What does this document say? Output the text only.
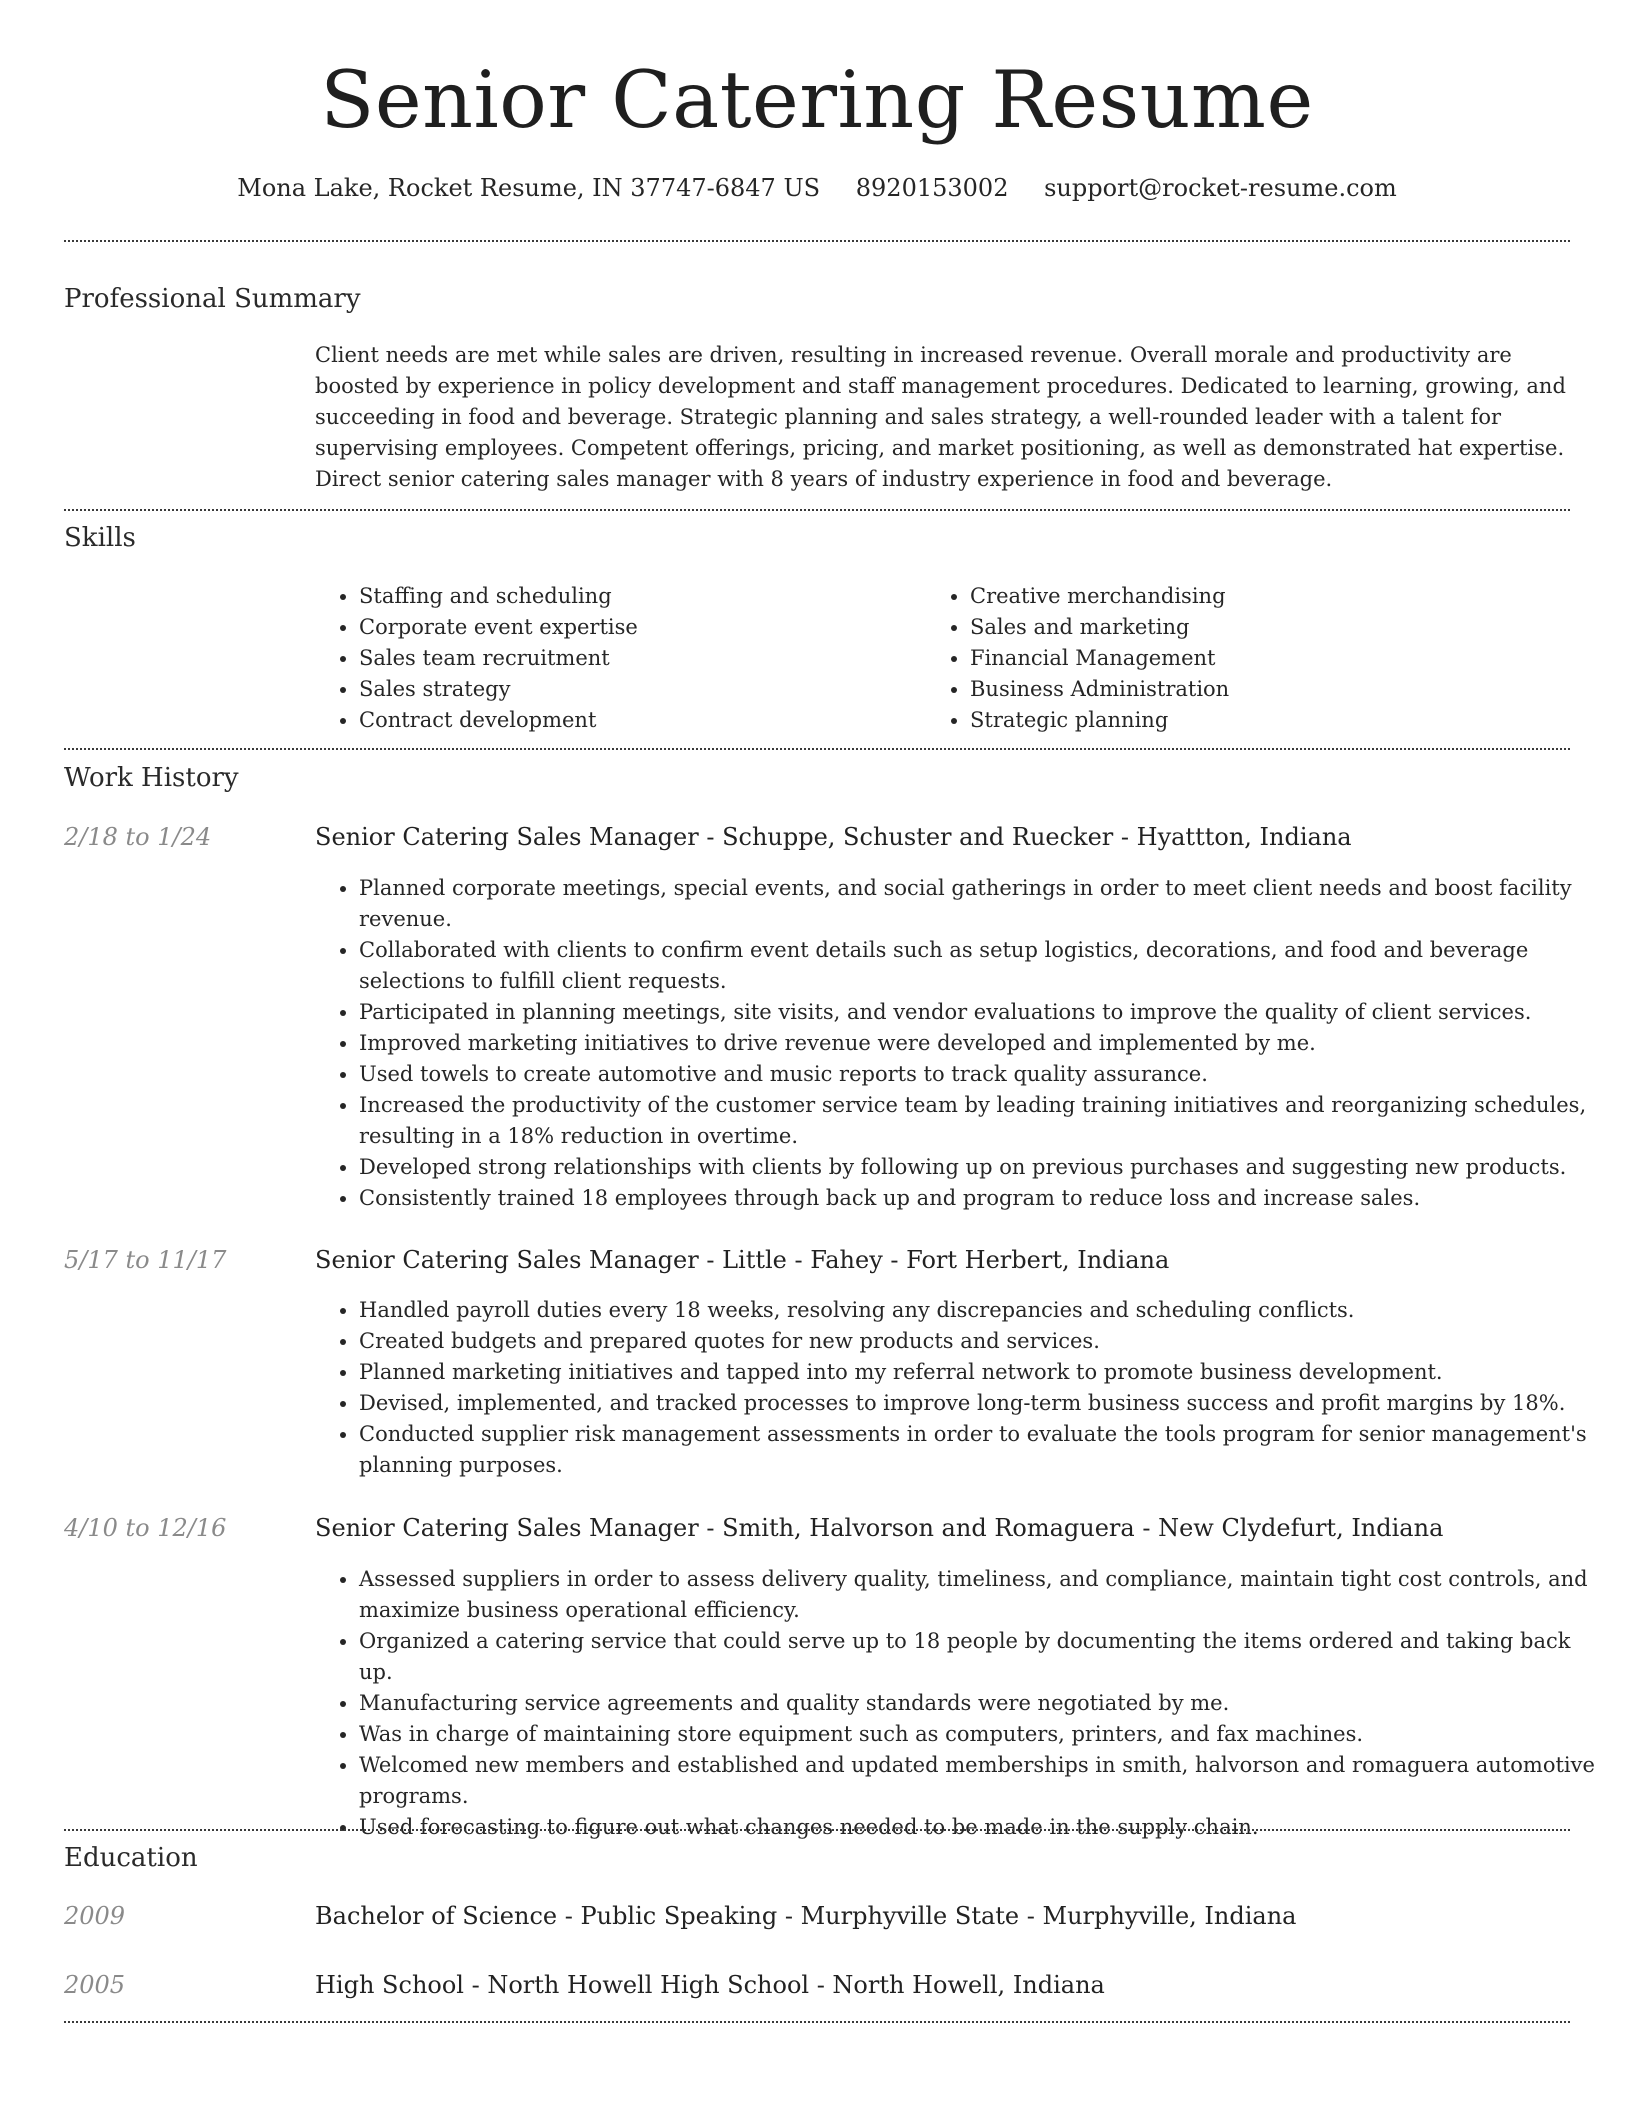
Senior Catering Resume
Mona Lake, Rocket Resume, IN 37747-6847 US 8920153002 support@rocket-resume.com
Professional Summary

Client needs are met while sales are driven, resulting in increased revenue. Overall morale and productivity are boosted by experience in policy development and staff management procedures. Dedicated to learning, growing, and succeeding in food and beverage. Strategic planning and sales strategy, a well-rounded leader with a talent for supervising employees. Competent offerings, pricing, and market positioning, as well as demonstrated hat expertise. Direct senior catering sales manager with 8 years of industry experience in food and beverage.

Skills
• Staffing and scheduling
• Corporate event expertise
• Sales team recruitment
• Sales strategy
• Contract development
• Creative merchandising
• Sales and marketing
• Financial Management
• Business Administration
• Strategic planning
Work History
2/18 to 1/24	Senior Catering Sales Manager - Schuppe, Schuster and Ruecker - Hyattton, Indiana
• Planned corporate meetings, special events, and social gatherings in order to meet client needs and boost facility revenue.
• Collaborated with clients to confirm event details such as setup logistics, decorations, and food and beverage selections to fulfill client requests.
• Participated in planning meetings, site visits, and vendor evaluations to improve the quality of client services.
• Improved marketing initiatives to drive revenue were developed and implemented by me.
• Used towels to create automotive and music reports to track quality assurance.
• Increased the productivity of the customer service team by leading training initiatives and reorganizing schedules, resulting in a 18% reduction in overtime.
• Developed strong relationships with clients by following up on previous purchases and suggesting new products.
• Consistently trained 18 employees through back up and program to reduce loss and increase sales.
5/17 to 11/17	Senior Catering Sales Manager - Little - Fahey - Fort Herbert, Indiana
• Handled payroll duties every 18 weeks, resolving any discrepancies and scheduling conflicts.
• Created budgets and prepared quotes for new products and services.
• Planned marketing initiatives and tapped into my referral network to promote business development.
• Devised, implemented, and tracked processes to improve long-term business success and profit margins by 18%.
• Conducted supplier risk management assessments in order to evaluate the tools program for senior management's planning purposes.
4/10 to 12/16	Senior Catering Sales Manager - Smith, Halvorson and Romaguera - New Clydefurt, Indiana
• Assessed suppliers in order to assess delivery quality, timeliness, and compliance, maintain tight cost controls, and maximize business operational efficiency.
• Organized a catering service that could serve up to 18 people by documenting the items ordered and taking back up.
• Manufacturing service agreements and quality standards were negotiated by me.
• Was in charge of maintaining store equipment such as computers, printers, and fax machines.
• Welcomed new members and established and updated memberships in smith, halvorson and romaguera automotive programs.
• Used forecasting to figure out what changes needed to be made in the supply chain.
Education
2009	Bachelor of Science - Public Speaking - Murphyville State - Murphyville, Indiana
2005	High School - North Howell High School - North Howell, Indiana
